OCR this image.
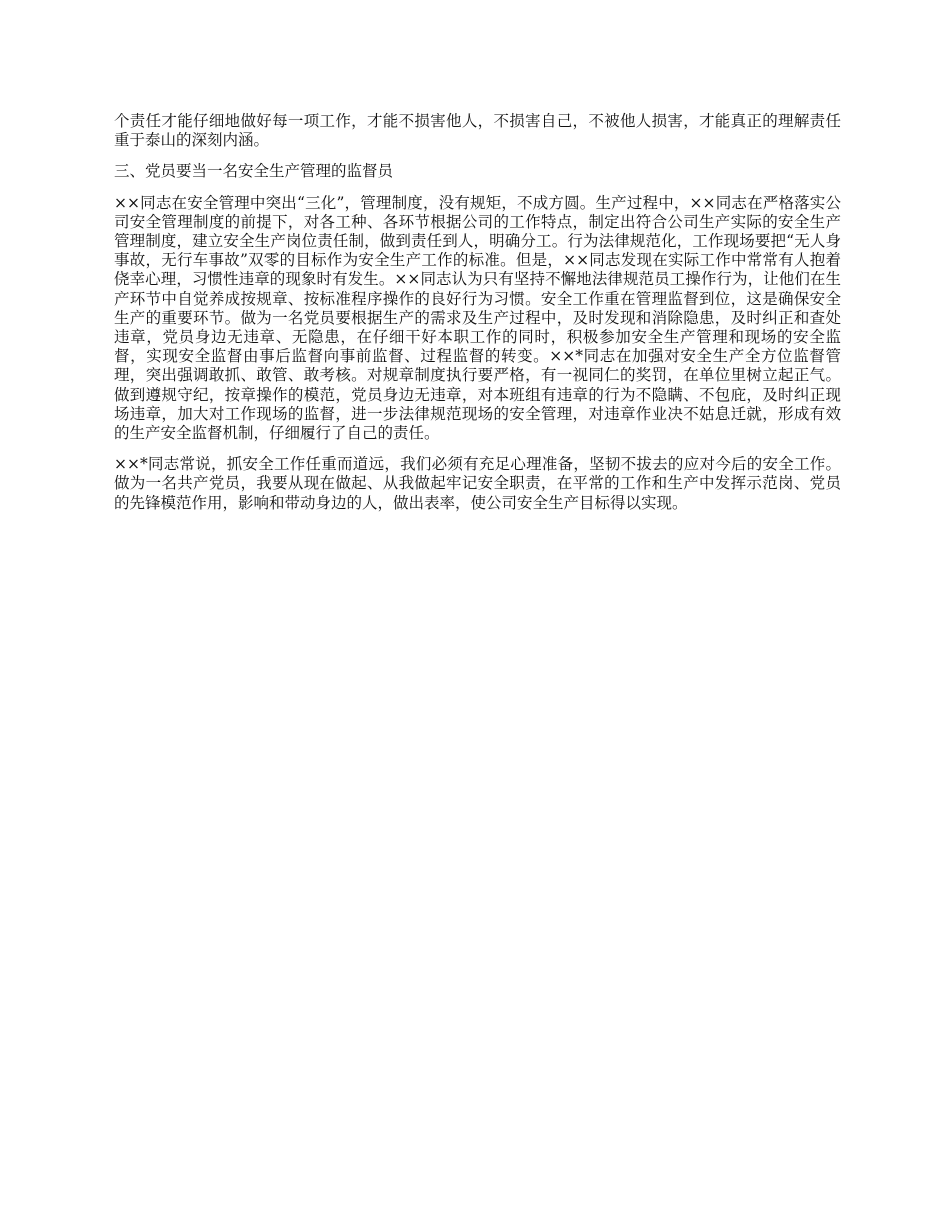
个责任才能仔细地做好每一项工作，才能不损害他人，不损害自己，不被他人损害，才能真正的理解责任重于泰山的深刻内涵。

三、党员要当一名安全生产管理的监督员

××同志在安全管理中突出“三化”，管理制度，没有规矩，不成方圆。生产过程中，××同志在严格落实公司安全管理制度的前提下，对各工种、各环节根据公司的工作特点，制定出符合公司生产实际的安全生产管理制度，建立安全生产岗位责任制，做到责任到人，明确分工。行为法律规范化，工作现场要把“无人身事故，无行车事故”双零的目标作为安全生产工作的标准。但是，××同志发现在实际工作中常常有人抱着侥幸心理，习惯性违章的现象时有发生。××同志认为只有坚持不懈地法律规范员工操作行为，让他们在生产环节中自觉养成按规章、按标准程序操作的良好行为习惯。安全工作重在管理监督到位，这是确保安全生产的重要环节。做为一名党员要根据生产的需求及生产过程中，及时发现和消除隐患，及时纠正和查处违章，党员身边无违章、无隐患，在仔细干好本职工作的同时，积极参加安全生产管理和现场的安全监督，实现安全监督由事后监督向事前监督、过程监督的转变。××*同志在加强对安全生产全方位监督管理，突出强调敢抓、敢管、敢考核。对规章制度执行要严格，有一视同仁的奖罚，在单位里树立起正气。做到遵规守纪，按章操作的模范，党员身边无违章，对本班组有违章的行为不隐瞒、不包庇，及时纠正现场违章，加大对工作现场的监督，进一步法律规范现场的安全管理，对违章作业决不姑息迁就，形成有效的生产安全监督机制，仔细履行了自己的责任。

××*同志常说，抓安全工作任重而道远，我们必须有充足心理准备，坚韧不拔去的应对今后的安全工作。做为一名共产党员，我要从现在做起、从我做起牢记安全职责，在平常的工作和生产中发挥示范岗、党员的先锋模范作用，影响和带动身边的人，做出表率，使公司安全生产目标得以实现。
